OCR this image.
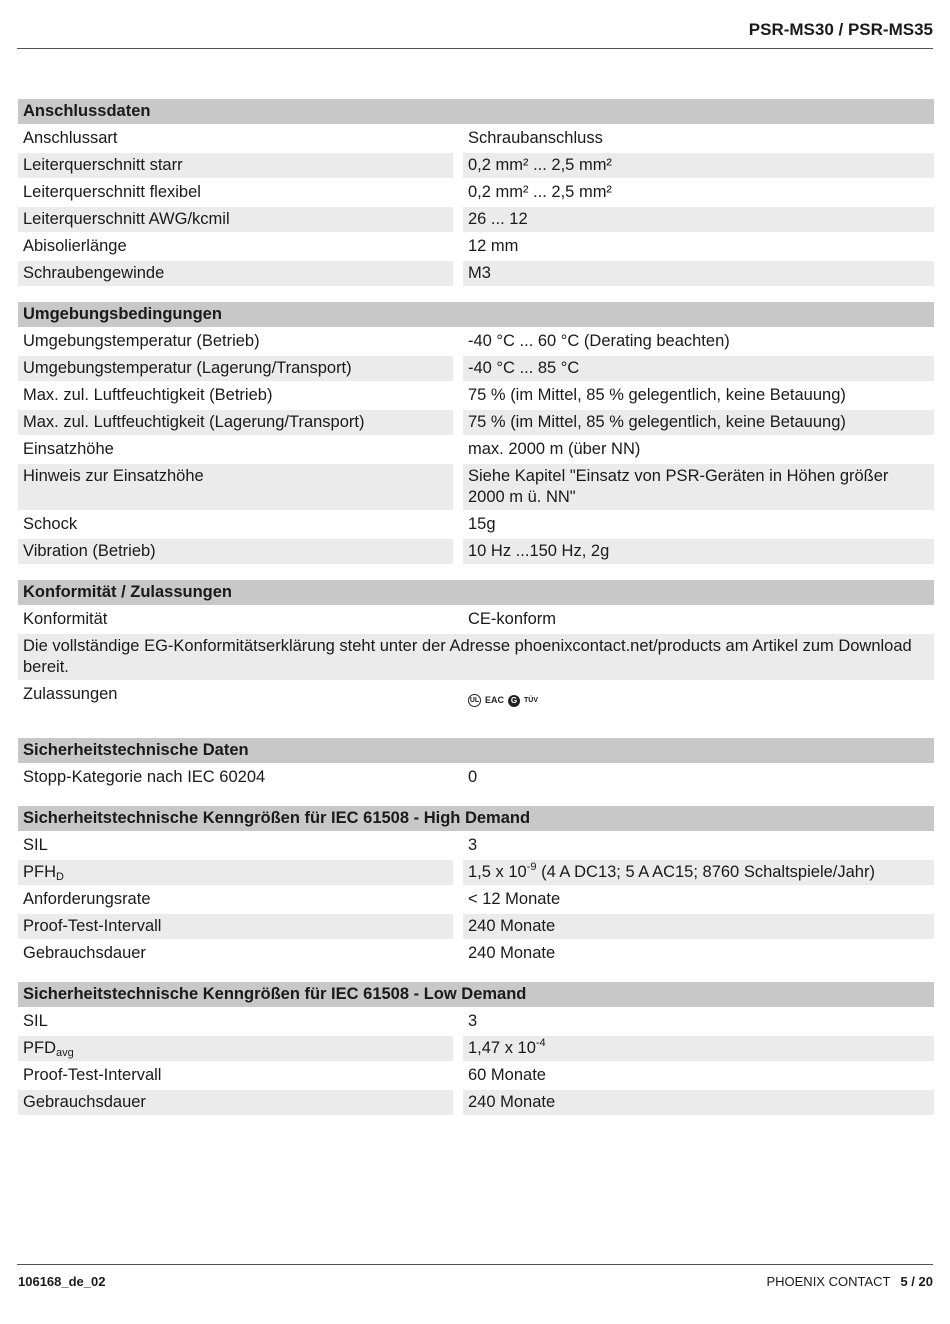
PSR-MS30 / PSR-MS35
Anschlussdaten
Anschlussart	Schraubanschluss
Leiterquerschnitt starr	0,2 mm² ... 2,5 mm²
Leiterquerschnitt flexibel	0,2 mm² ... 2,5 mm²
Leiterquerschnitt AWG/kcmil	26 ... 12
Abisolierlänge	12 mm
Schraubengewinde	M3
Umgebungsbedingungen
Umgebungstemperatur (Betrieb)	-40 °C ... 60 °C (Derating beachten)
Umgebungstemperatur (Lagerung/Transport)	-40 °C ... 85 °C
Max. zul. Luftfeuchtigkeit (Betrieb)	75 % (im Mittel, 85 % gelegentlich, keine Betauung)
Max. zul. Luftfeuchtigkeit (Lagerung/Transport)	75 % (im Mittel, 85 % gelegentlich, keine Betauung)
Einsatzhöhe	max. 2000 m (über NN)
Hinweis zur Einsatzhöhe	Siehe Kapitel "Einsatz von PSR-Geräten in Höhen größer 2000 m ü. NN"
Schock	15g
Vibration (Betrieb)	10 Hz ...150 Hz, 2g
Konformität / Zulassungen
Konformität	CE-konform
Die vollständige EG-Konformitätserklärung steht unter der Adresse phoenixcontact.net/products am Artikel zum Download bereit.
Zulassungen	UL EAC G TÜV
Sicherheitstechnische Daten
Stopp-Kategorie nach IEC 60204	0
Sicherheitstechnische Kenngrößen für IEC 61508 - High Demand
SIL	3
$PFH_D$	1,5 x $10^{-9}$ (4 A DC13; 5 A AC15; 8760 Schaltspiele/Jahr)
Anforderungsrate	< 12 Monate
Proof-Test-Intervall	240 Monate
Gebrauchsdauer	240 Monate
Sicherheitstechnische Kenngrößen für IEC 61508 - Low Demand
SIL	3
$PFD_{avg}$	1,47 x $10^{-4}$
Proof-Test-Intervall	60 Monate
Gebrauchsdauer	240 Monate
106168_de_02	PHOENIX CONTACT 5 / 20
